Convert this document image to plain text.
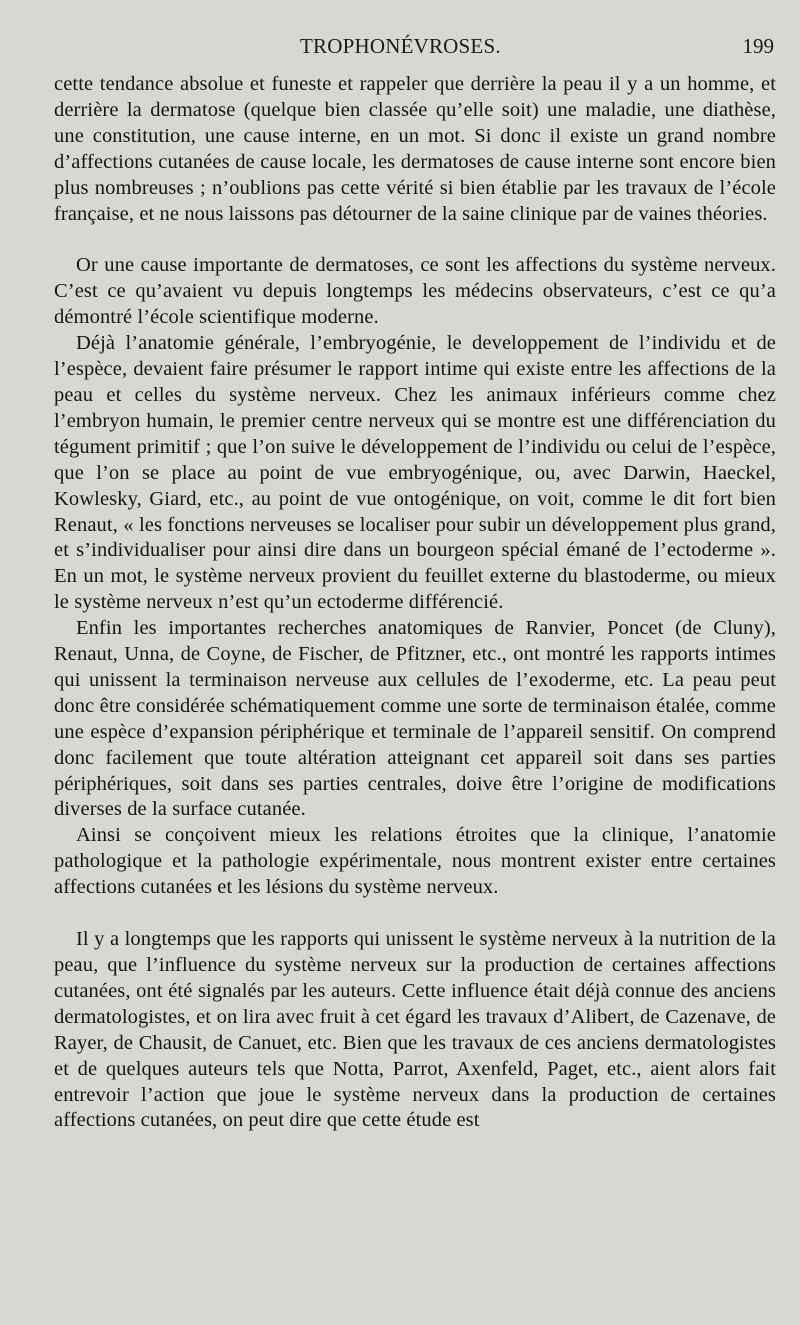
TROPHONÉVROSES.	199

cette tendance absolue et funeste et rappeler que derrière la peau il y a un homme, et derrière la dermatose (quelque bien classée qu’elle soit) une maladie, une diathèse, une constitution, une cause interne, en un mot. Si donc il existe un grand nombre d’affections cutanées de cause locale, les dermatoses de cause interne sont encore bien plus nombreuses ; n’oublions pas cette vérité si bien établie par les travaux de l’école française, et ne nous laissons pas détourner de la saine clinique par de vaines théories.

Or une cause importante de dermatoses, ce sont les affections du système nerveux. C’est ce qu’avaient vu depuis longtemps les médecins observateurs, c’est ce qu’a démontré l’école scientifique moderne.

Déjà l’anatomie générale, l’embryogénie, le developpement de l’individu et de l’espèce, devaient faire présumer le rapport intime qui existe entre les affections de la peau et celles du système nerveux. Chez les animaux inférieurs comme chez l’embryon humain, le premier centre nerveux qui se montre est une différenciation du tégument primitif ; que l’on suive le développement de l’individu ou celui de l’espèce, que l’on se place au point de vue embryogénique, ou, avec Darwin, Haeckel, Kowlesky, Giard, etc., au point de vue ontogénique, on voit, comme le dit fort bien Renaut, « les fonctions nerveuses se localiser pour subir un développement plus grand, et s’individualiser pour ainsi dire dans un bourgeon spécial émané de l’ectoderme ». En un mot, le système nerveux provient du feuillet externe du blastoderme, ou mieux le système nerveux n’est qu’un ectoderme différencié.

Enfin les importantes recherches anatomiques de Ranvier, Poncet (de Cluny), Renaut, Unna, de Coyne, de Fischer, de Pfitzner, etc., ont montré les rapports intimes qui unissent la terminaison nerveuse aux cellules de l’exoderme, etc. La peau peut donc être considérée schématiquement comme une sorte de terminaison étalée, comme une espèce d’expansion périphérique et terminale de l’appareil sensitif. On comprend donc facilement que toute altération atteignant cet appareil soit dans ses parties périphériques, soit dans ses parties centrales, doive être l’origine de modifications diverses de la surface cutanée.

Ainsi se conçoivent mieux les relations étroites que la clinique, l’anatomie pathologique et la pathologie expérimentale, nous montrent exister entre certaines affections cutanées et les lésions du système nerveux.

Il y a longtemps que les rapports qui unissent le système nerveux à la nutrition de la peau, que l’influence du système nerveux sur la production de certaines affections cutanées, ont été signalés par les auteurs. Cette influence était déjà connue des anciens dermatologistes, et on lira avec fruit à cet égard les travaux d’Alibert, de Cazenave, de Rayer, de Chausit, de Canuet, etc. Bien que les travaux de ces anciens dermatologistes et de quelques auteurs tels que Notta, Parrot, Axenfeld, Paget, etc., aient alors fait entrevoir l’action que joue le système nerveux dans la production de certaines affections cutanées, on peut dire que cette étude est
